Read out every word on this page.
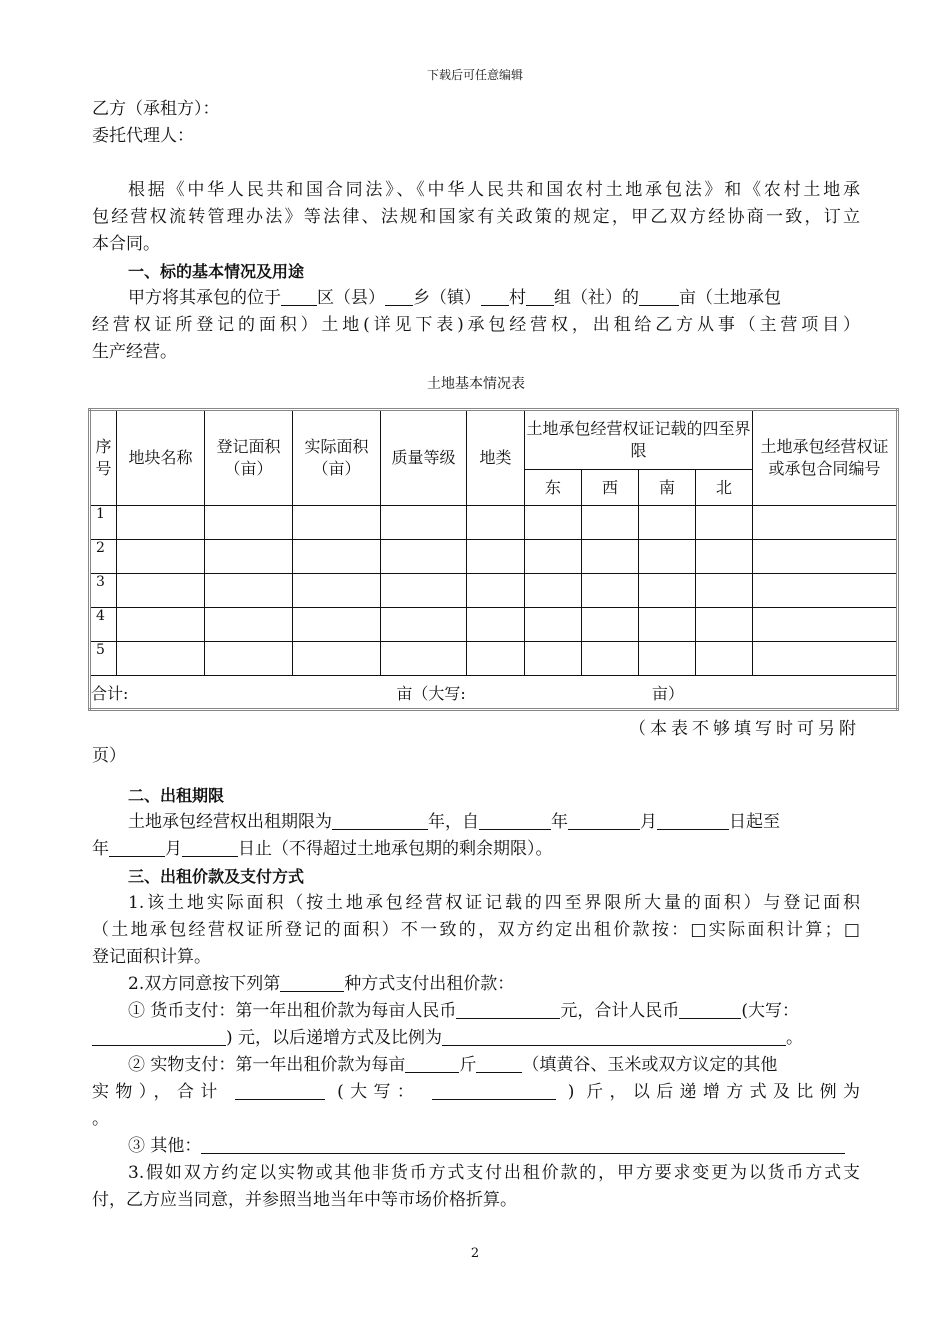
下载后可任意编辑
乙方（承租方）：
委托代理人：
根据《中华人民共和国合同法》、《中华人民共和国农村土地承包法》和《农村土地承
包经营权流转管理办法》等法律、法规和国家有关政策的规定，甲乙双方经协商一致，订立
本合同。
一、标的基本情况及用途
甲方将其承包的位于 区（县） 乡（镇） 村 组（社）的 亩（土地承包
经营权证所登记的面积）土地(详见下表)承包经营权，出租给乙方从事（主营项目）
生产经营。
土地基本情况表
序号	地块名称	登记面积（亩）	实际面积（亩）	质量等级	地类	土地承包经营权证记载的四至界限				土地承包经营权证或承包合同编号
						东	西	南	北	
1										
2										
3										
4										
5										
合计: 亩（大写: 亩）										
（本表不够填写时可另附
页）
二、出租期限
土地承包经营权出租期限为	年，自	年	月	日起至
年	月	日止（不得超过土地承包期的剩余期限）。
三、出租价款及支付方式
1.该土地实际面积（按土地承包经营权证记载的四至界限所大量的面积）与登记面积
（土地承包经营权证所登记的面积）不一致的，双方约定出租价款按：□实际面积计算；□
登记面积计算。
2.双方同意按下列第	种方式支付出租价款：
① 货币支付：第一年出租价款为每亩人民币	元，合计人民币	(大写：
) 元，以后递增方式及比例为	。
② 实物支付：第一年出租价款为每亩	斤	（填黄谷、玉米或双方议定的其他
实物），合计	(大写：	) 斤，以后递增方式及比例为
。
③ 其他：
3.假如双方约定以实物或其他非货币方式支付出租价款的，甲方要求变更为以货币方式支
付，乙方应当同意，并参照当地当年中等市场价格折算。
2
